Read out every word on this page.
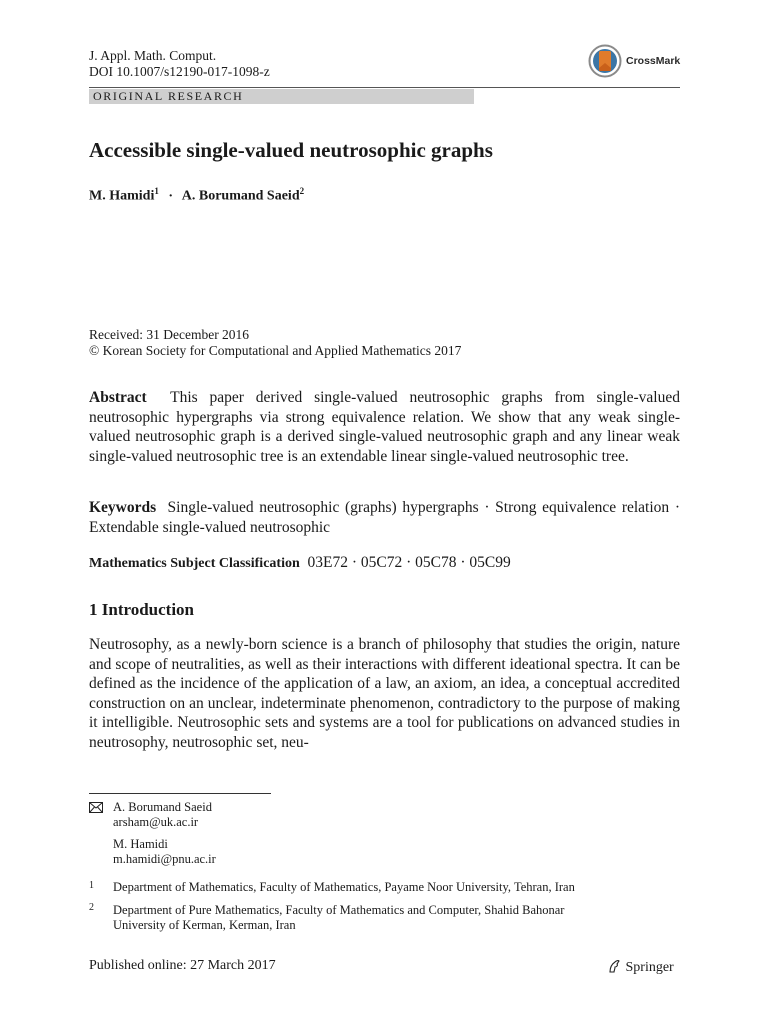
J. Appl. Math. Comput.
DOI 10.1007/s12190-017-1098-z
CrossMark
ORIGINAL RESEARCH
Accessible single-valued neutrosophic graphs
M. Hamidi$^1$ · A. Borumand Saeid$^2$
Received: 31 December 2016
© Korean Society for Computational and Applied Mathematics 2017
Abstract This paper derived single-valued neutrosophic graphs from single-valued neutrosophic hypergraphs via strong equivalence relation. We show that any weak single-valued neutrosophic graph is a derived single-valued neutrosophic graph and any linear weak single-valued neutrosophic tree is an extendable linear single-valued neutrosophic tree.
Keywords Single-valued neutrosophic (graphs) hypergraphs · Strong equivalence relation · Extendable single-valued neutrosophic
Mathematics Subject Classification 03E72 · 05C72 · 05C78 · 05C99
1 Introduction
Neutrosophy, as a newly-born science is a branch of philosophy that studies the origin, nature and scope of neutralities, as well as their interactions with different ideational spectra. It can be defined as the incidence of the application of a law, an axiom, an idea, a conceptual accredited construction on an unclear, indeterminate phenomenon, contradictory to the purpose of making it intelligible. Neutrosophic sets and systems are a tool for publications on advanced studies in neutrosophy, neutrosophic set, neu-
A. Borumand Saeid
arsham@uk.ac.ir
M. Hamidi
m.hamidi@pnu.ac.ir
1 Department of Mathematics, Faculty of Mathematics, Payame Noor University, Tehran, Iran
2 Department of Pure Mathematics, Faculty of Mathematics and Computer, Shahid Bahonar
University of Kerman, Kerman, Iran
Published online: 27 March 2017	Springer
